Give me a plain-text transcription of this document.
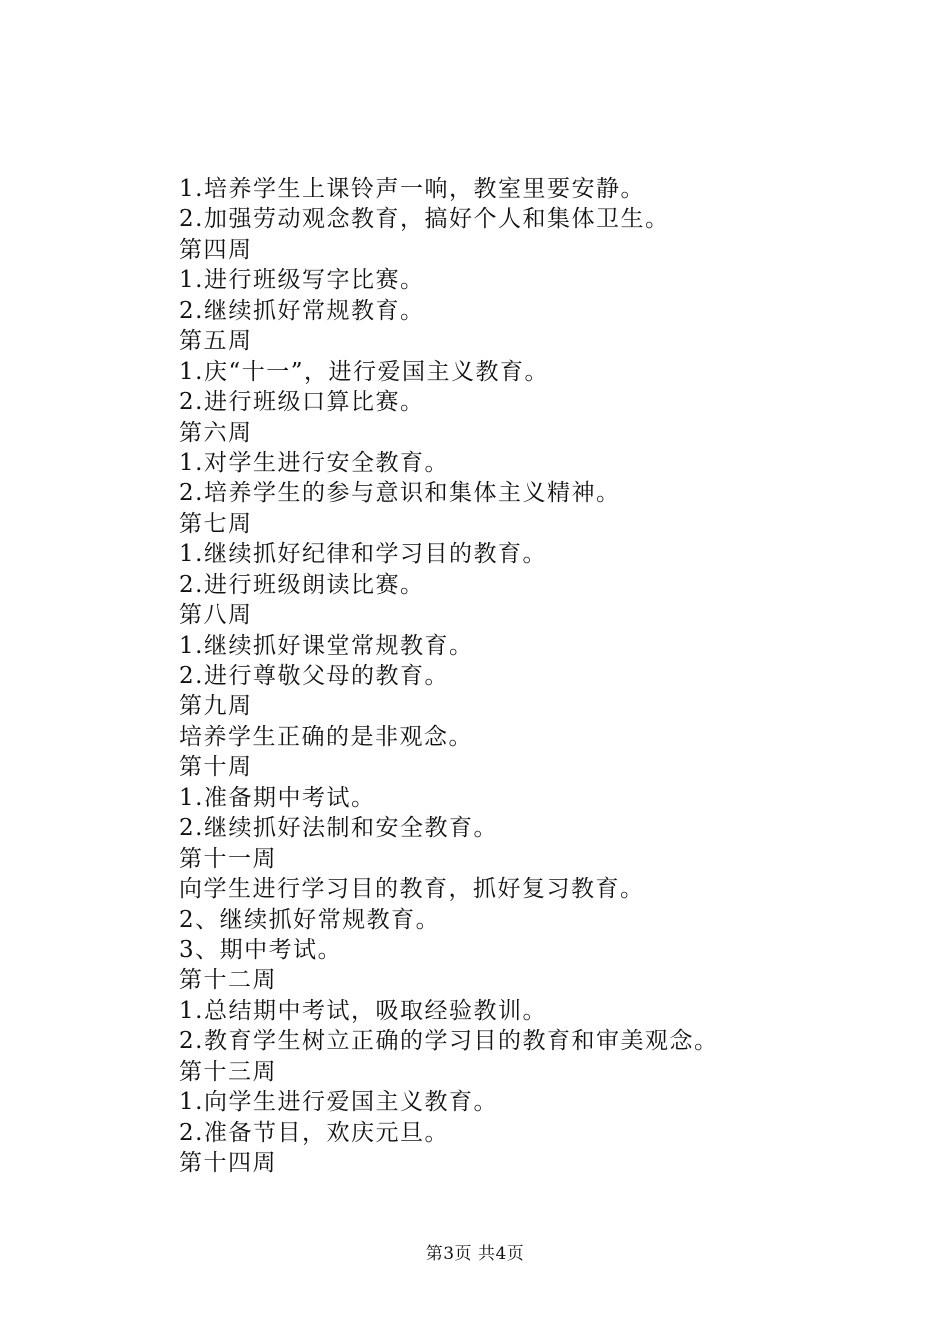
1.培养学生上课铃声一响，教室里要安静。
2.加强劳动观念教育，搞好个人和集体卫生。
第四周
1.进行班级写字比赛。
2.继续抓好常规教育。
第五周
1.庆“十一”，进行爱国主义教育。
2.进行班级口算比赛。
第六周
1.对学生进行安全教育。
2.培养学生的参与意识和集体主义精神。
第七周
1.继续抓好纪律和学习目的教育。
2.进行班级朗读比赛。
第八周
1.继续抓好课堂常规教育。
2.进行尊敬父母的教育。
第九周
培养学生正确的是非观念。
第十周
1.准备期中考试。
2.继续抓好法制和安全教育。
第十一周
向学生进行学习目的教育，抓好复习教育。
2、继续抓好常规教育。
3、期中考试。
第十二周
1.总结期中考试，吸取经验教训。
2.教育学生树立正确的学习目的教育和审美观念。
第十三周
1.向学生进行爱国主义教育。
2.准备节目，欢庆元旦。
第十四周
第3页 共4页
